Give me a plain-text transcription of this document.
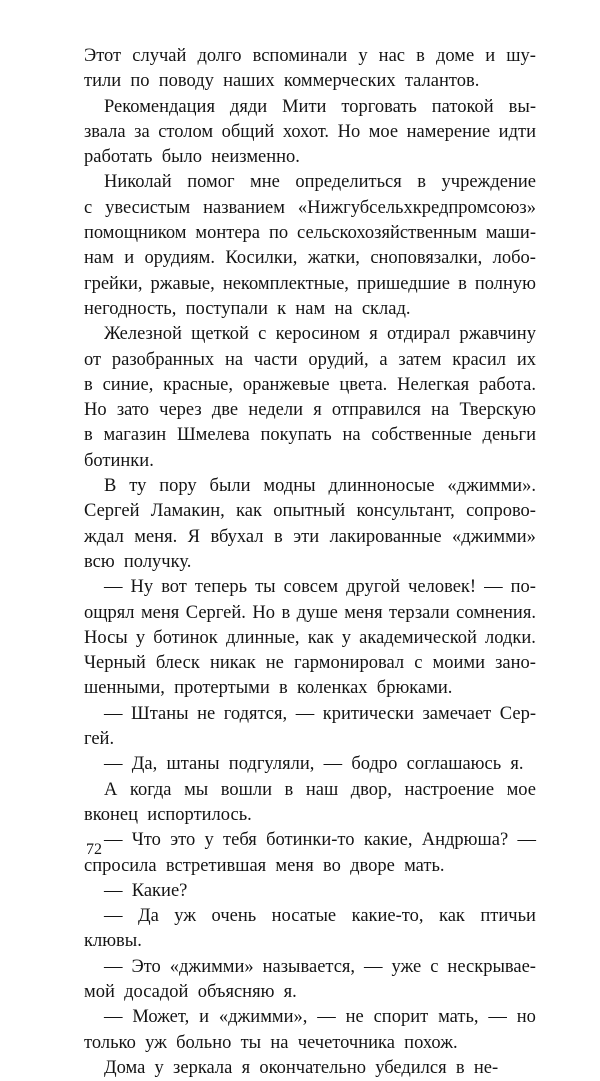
Этот случай долго вспоминали у нас в доме и шу-
тили по поводу наших коммерческих талантов.
Рекомендация дяди Мити торговать патокой вы-
звала за столом общий хохот. Но мое намерение идти
работать было неизменно.
Николай помог мне определиться в учреждение
с увесистым названием «Нижгубсельхкредпромсоюз»
помощником монтера по сельскохозяйственным маши-
нам и орудиям. Косилки, жатки, сноповязалки, лобо-
грейки, ржавые, некомплектные, пришедшие в полную
негодность, поступали к нам на склад.
Железной щеткой с керосином я отдирал ржавчину
от разобранных на части орудий, а затем красил их
в синие, красные, оранжевые цвета. Нелегкая работа.
Но зато через две недели я отправился на Тверскую
в магазин Шмелева покупать на собственные деньги
ботинки.
В ту пору были модны длинноносые «джимми».
Сергей Ламакин, как опытный консультант, сопрово-
ждал меня. Я вбухал в эти лакированные «джимми»
всю получку.
— Ну вот теперь ты совсем другой человек! — по-
ощрял меня Сергей. Но в душе меня терзали сомнения.
Носы у ботинок длинные, как у академической лодки.
Черный блеск никак не гармонировал с моими зано-
шенными, протертыми в коленках брюками.
— Штаны не годятся, — критически замечает Сер-
гей.
— Да, штаны подгуляли, — бодро соглашаюсь я.
А когда мы вошли в наш двор, настроение мое
вконец испортилось.
— Что это у тебя ботинки-то какие, Андрюша? —
спросила встретившая меня во дворе мать.
— Какие?
— Да уж очень носатые какие-то, как птичьи
клювы.
— Это «джимми» называется, — уже с нескрывае-
мой досадой объясняю я.
— Может, и «джимми», — не спорит мать, — но
только уж больно ты на чечеточника похож.
Дома у зеркала я окончательно убедился в не-
72
